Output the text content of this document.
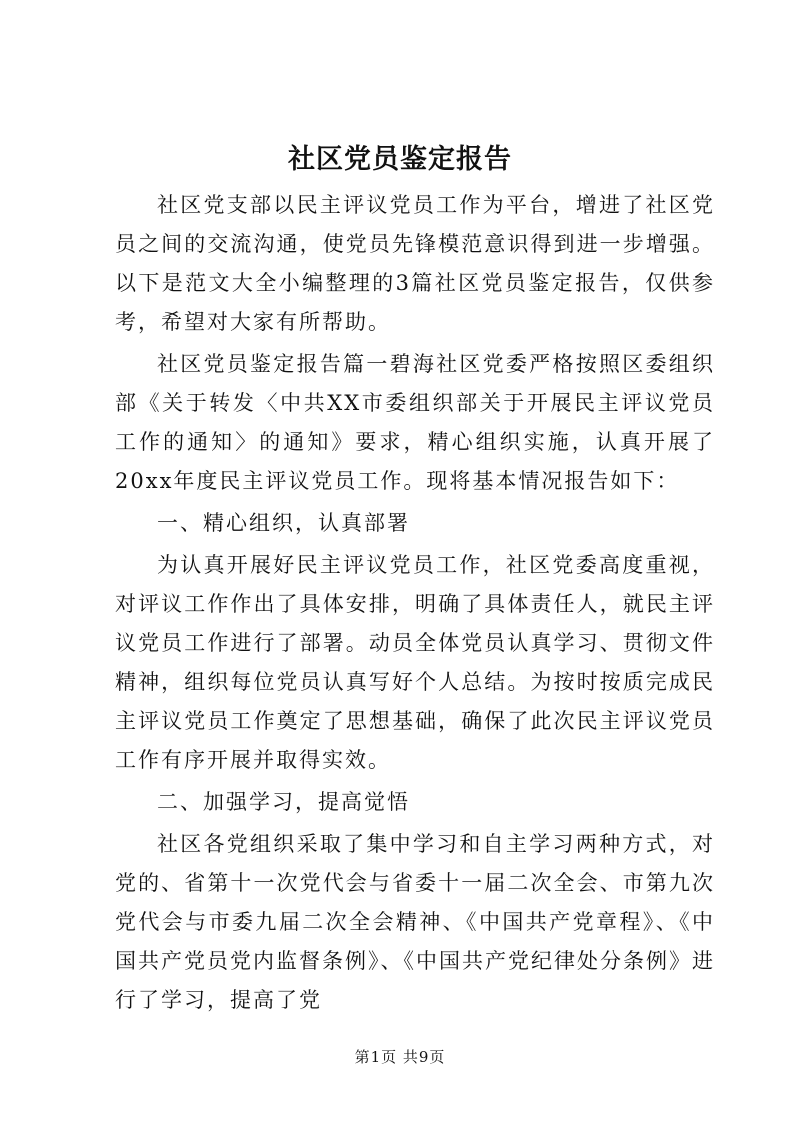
社区党员鉴定报告

社区党支部以民主评议党员工作为平台，增进了社区党员之间的交流沟通，使党员先锋模范意识得到进一步增强。以下是范文大全小编整理的3篇社区党员鉴定报告，仅供参考，希望对大家有所帮助。

社区党员鉴定报告篇一碧海社区党委严格按照区委组织部《关于转发〈中共XX市委组织部关于开展民主评议党员工作的通知〉的通知》要求，精心组织实施，认真开展了20xx年度民主评议党员工作。现将基本情况报告如下：

一、精心组织，认真部署

为认真开展好民主评议党员工作，社区党委高度重视，对评议工作作出了具体安排，明确了具体责任人，就民主评议党员工作进行了部署。动员全体党员认真学习、贯彻文件精神，组织每位党员认真写好个人总结。为按时按质完成民主评议党员工作奠定了思想基础，确保了此次民主评议党员工作有序开展并取得实效。

二、加强学习，提高觉悟

社区各党组织采取了集中学习和自主学习两种方式，对党的、省第十一次党代会与省委十一届二次全会、市第九次党代会与市委九届二次全会精神、《中国共产党章程》、《中国共产党员党内监督条例》、《中国共产党纪律处分条例》进行了学习，提高了党

第1页 共9页
